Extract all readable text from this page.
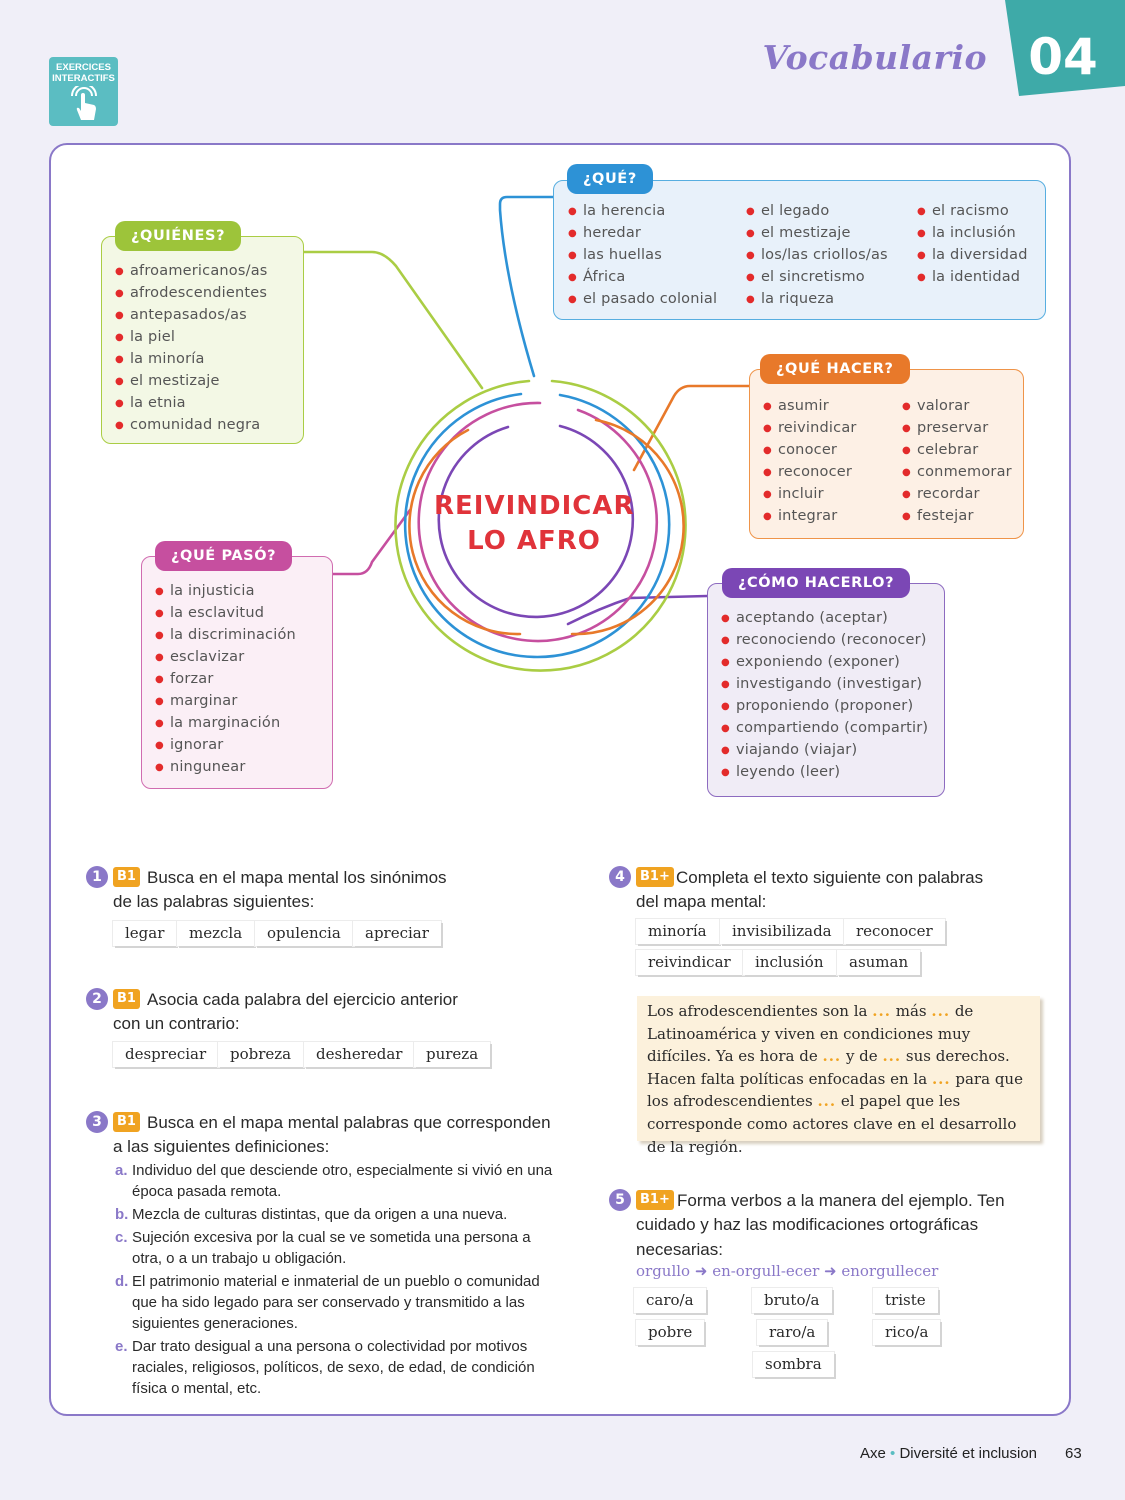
EXERCICES
INTERACTIFS
Vocabulario 04
REIVINDICAR
LO AFRO
● afroamericanos/as
● afrodescendientes
● antepasados/as
● la piel
● la minoría
● el mestizaje
● la etnia
● comunidad negra
¿QUIÉNES?
● la herencia
● heredar
● las huellas
● África
● el pasado colonial
● el legado
● el mestizaje
● los/las criollos/as
● el sincretismo
● la riqueza
● el racismo
● la inclusión
● la diversidad
● la identidad
¿QUÉ?
● asumir
● reivindicar
● conocer
● reconocer
● incluir
● integrar
● valorar
● preservar
● celebrar
● conmemorar
● recordar
● festejar
¿QUÉ HACER?
● la injusticia
● la esclavitud
● la discriminación
● esclavizar
● forzar
● marginar
● la marginación
● ignorar
● ningunear
¿QUÉ PASÓ?
● aceptando (aceptar)
● reconociendo (reconocer)
● exponiendo (exponer)
● investigando (investigar)
● proponiendo (proponer)
● compartiendo (compartir)
● viajando (viajar)
● leyendo (leer)
¿CÓMO HACERLO?
1	B1 Busca en el mapa mental los sinónimos
de las palabras siguientes:
legar	mezcla	opulencia	apreciar
2	B1 Asocia cada palabra del ejercicio anterior
con un contrario:
despreciar	pobreza	desheredar	pureza
3	B1 Busca en el mapa mental palabras que corresponden
a las siguientes definiciones:
a. Individuo del que desciende otro, especialmente si vivió en una época pasada remota.
b. Mezcla de culturas distintas, que da origen a una nueva.
c. Sujeción excesiva por la cual se ve sometida una persona a otra, o a un trabajo u obligación.
d. El patrimonio material e inmaterial de un pueblo o comunidad que ha sido legado para ser conservado y transmitido a las siguientes generaciones.
e. Dar trato desigual a una persona o colectividad por motivos raciales, religiosos, políticos, de sexo, de edad, de condición física o mental, etc.
4	B1+ Completa el texto siguiente con palabras
del mapa mental:
minoría	invisibilizada	reconocer
reivindicar	inclusión	asuman
Los afrodescendientes son la ... más ... de Latinoamérica y viven en condiciones muy difíciles. Ya es hora de ... y de ... sus derechos. Hacen falta políticas enfocadas en la ... para que los afrodescendientes ... el papel que les corresponde como actores clave en el desarrollo de la región.
5	B1+ Forma verbos a la manera del ejemplo. Ten
cuidado y haz las modificaciones ortográficas
necesarias:
orgullo ➜ en-orgull-ecer ➜ enorgullecer
caro/a	bruto/a	triste
pobre	raro/a	rico/a
sombra
Axe • Diversité et inclusion 63
